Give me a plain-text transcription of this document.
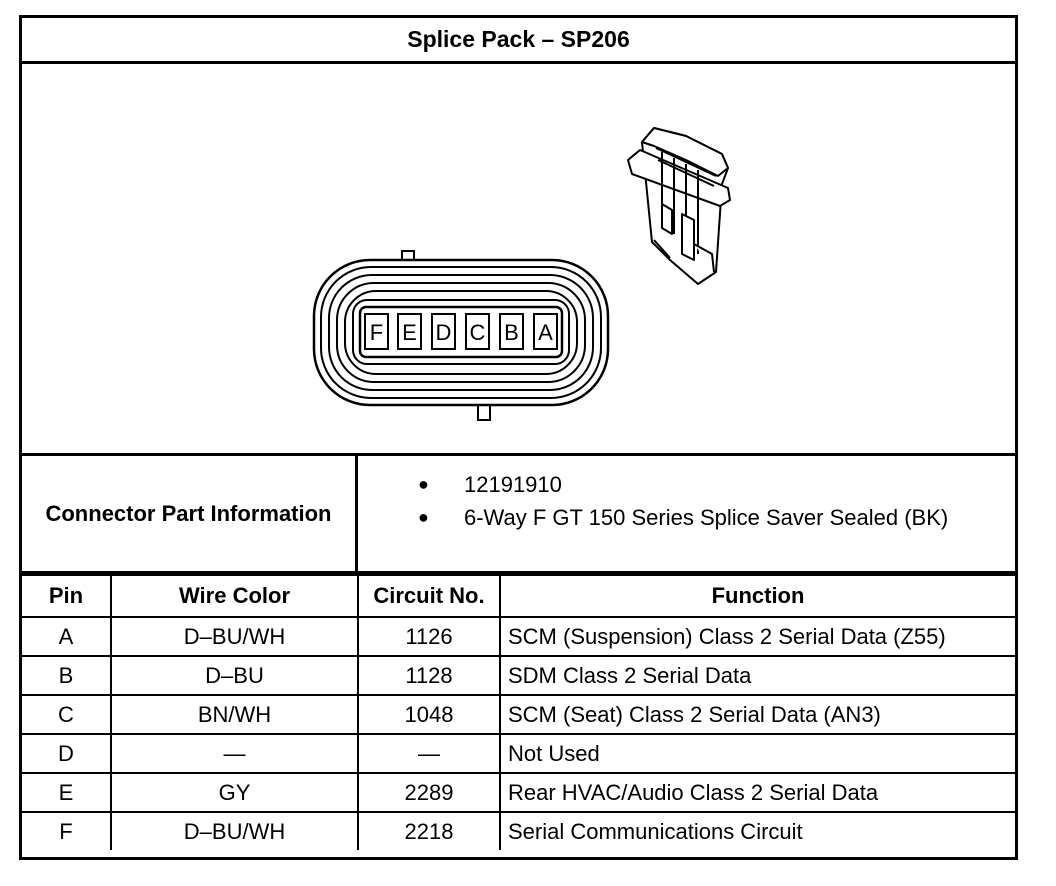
Splice Pack – SP206
F E D C B A
Connector Part Information
● 12191910
● 6-Way F GT 150 Series Splice Saver Sealed (BK)
Pin	Wire Color	Circuit No.	Function
A	D–BU/WH	1126	SCM (Suspension) Class 2 Serial Data (Z55)
B	D–BU	1128	SDM Class 2 Serial Data
C	BN/WH	1048	SCM (Seat) Class 2 Serial Data (AN3)
D	—	—	Not Used
E	GY	2289	Rear HVAC/Audio Class 2 Serial Data
F	D–BU/WH	2218	Serial Communications Circuit
